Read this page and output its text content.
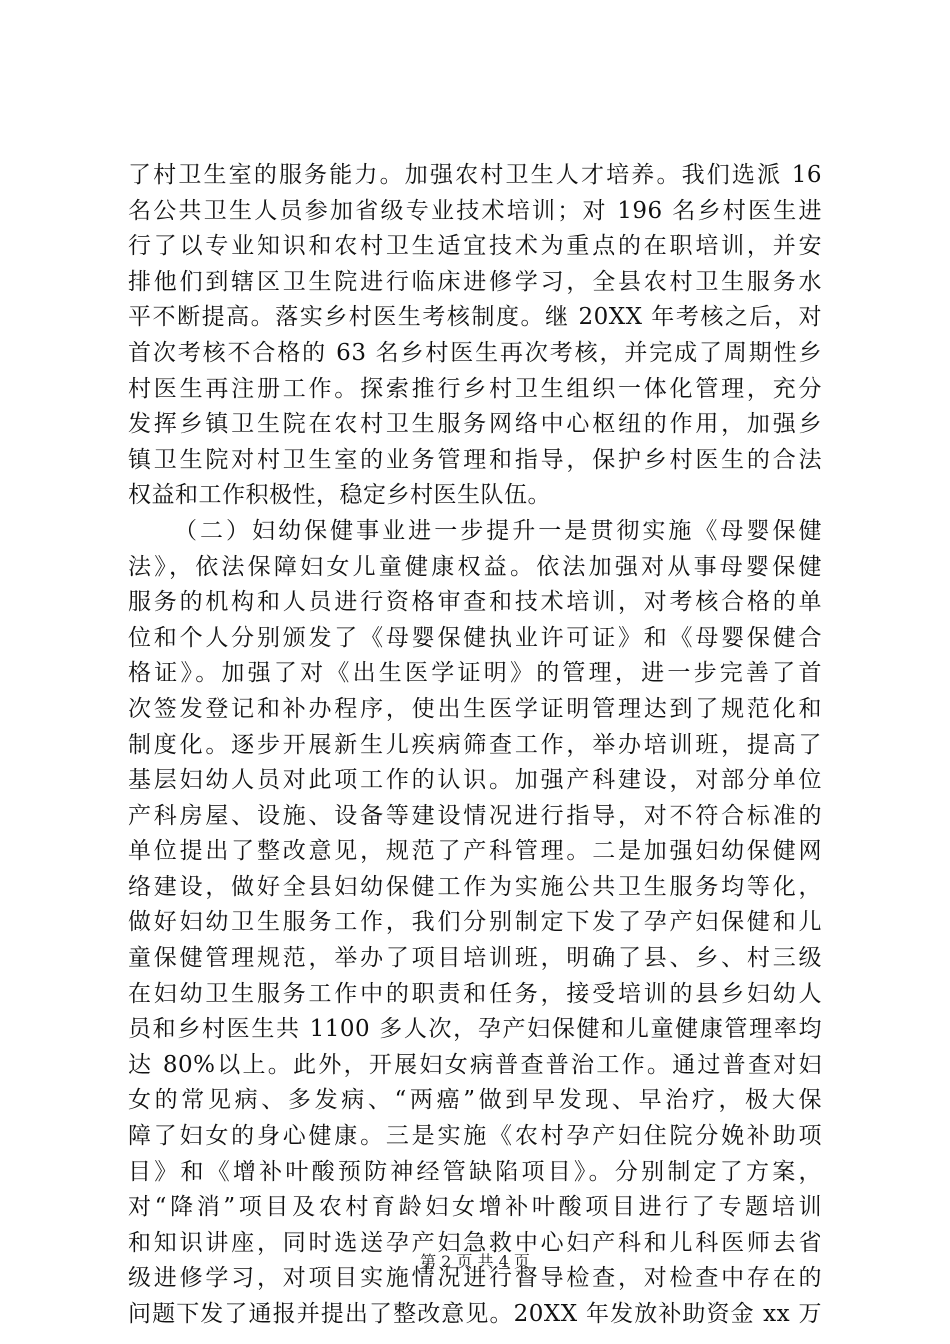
了村卫生室的服务能力。加强农村卫生人才培养。我们选派 16
名公共卫生人员参加省级专业技术培训；对 196 名乡村医生进
行了以专业知识和农村卫生适宜技术为重点的在职培训，并安
排他们到辖区卫生院进行临床进修学习，全县农村卫生服务水
平不断提高。落实乡村医生考核制度。继 20XX 年考核之后，对
首次考核不合格的 63 名乡村医生再次考核，并完成了周期性乡
村医生再注册工作。探索推行乡村卫生组织一体化管理，充分
发挥乡镇卫生院在农村卫生服务网络中心枢纽的作用，加强乡
镇卫生院对村卫生室的业务管理和指导，保护乡村医生的合法
权益和工作积极性，稳定乡村医生队伍。
（二）妇幼保健事业进一步提升一是贯彻实施《母婴保健
法》，依法保障妇女儿童健康权益。依法加强对从事母婴保健
服务的机构和人员进行资格审查和技术培训，对考核合格的单
位和个人分别颁发了《母婴保健执业许可证》和《母婴保健合
格证》。加强了对《出生医学证明》的管理，进一步完善了首
次签发登记和补办程序，使出生医学证明管理达到了规范化和
制度化。逐步开展新生儿疾病筛查工作，举办培训班，提高了
基层妇幼人员对此项工作的认识。加强产科建设，对部分单位
产科房屋、设施、设备等建设情况进行指导，对不符合标准的
单位提出了整改意见，规范了产科管理。二是加强妇幼保健网
络建设，做好全县妇幼保健工作为实施公共卫生服务均等化，
做好妇幼卫生服务工作，我们分别制定下发了孕产妇保健和儿
童保健管理规范，举办了项目培训班，明确了县、乡、村三级
在妇幼卫生服务工作中的职责和任务，接受培训的县乡妇幼人
员和乡村医生共 1100 多人次，孕产妇保健和儿童健康管理率均
达 80%以上。此外，开展妇女病普查普治工作。通过普查对妇
女的常见病、多发病、“两癌”做到早发现、早治疗，极大保
障了妇女的身心健康。三是实施《农村孕产妇住院分娩补助项
目》和《增补叶酸预防神经管缺陷项目》。分别制定了方案，
对“降消”项目及农村育龄妇女增补叶酸项目进行了专题培训
和知识讲座，同时选送孕产妇急救中心妇产科和儿科医师去省
级进修学习，对项目实施情况进行督导检查，对检查中存在的
问题下发了通报并提出了整改意见。20XX 年发放补助资金 xx 万
第 2 页 共 4 页
